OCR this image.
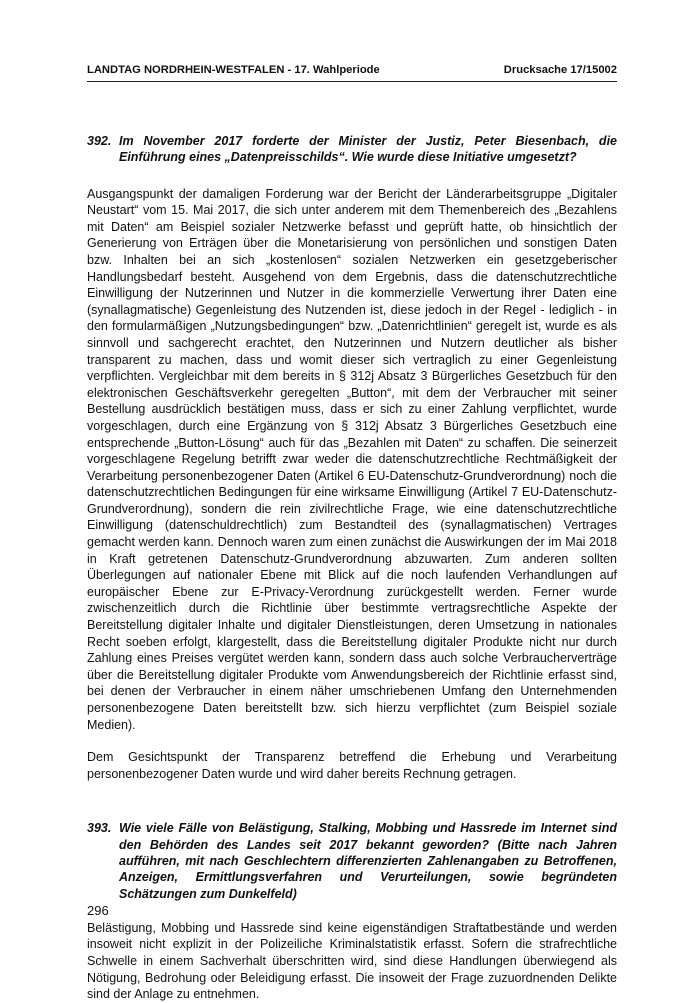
LANDTAG NORDRHEIN-WESTFALEN - 17. Wahlperiode	Drucksache 17/15002
392. Im November 2017 forderte der Minister der Justiz, Peter Biesenbach, die Einführung eines „Datenpreisschilds“. Wie wurde diese Initiative umgesetzt?

Ausgangspunkt der damaligen Forderung war der Bericht der Länderarbeitsgruppe „Digitaler Neustart“ vom 15. Mai 2017, die sich unter anderem mit dem Themenbereich des „Bezahlens mit Daten“ am Beispiel sozialer Netzwerke befasst und geprüft hatte, ob hinsichtlich der Generierung von Erträgen über die Monetarisierung von persönlichen und sonstigen Daten bzw. Inhalten bei an sich „kostenlosen“ sozialen Netzwerken ein gesetzgeberischer Handlungsbedarf besteht. Ausgehend von dem Ergebnis, dass die datenschutzrechtliche Einwilligung der Nutzerinnen und Nutzer in die kommerzielle Verwertung ihrer Daten eine (synallagmatische) Gegenleistung des Nutzenden ist, diese jedoch in der Regel - lediglich - in den formularmäßigen „Nutzungsbedingungen“ bzw. „Datenrichtlinien“ geregelt ist, wurde es als sinnvoll und sachgerecht erachtet, den Nutzerinnen und Nutzern deutlicher als bisher transparent zu machen, dass und womit dieser sich vertraglich zu einer Gegenleistung verpflichten. Vergleichbar mit dem bereits in § 312j Absatz 3 Bürgerliches Gesetzbuch für den elektronischen Geschäftsverkehr geregelten „Button“, mit dem der Verbraucher mit seiner Bestellung ausdrücklich bestätigen muss, dass er sich zu einer Zahlung verpflichtet, wurde vorgeschlagen, durch eine Ergänzung von § 312j Absatz 3 Bürgerliches Gesetzbuch eine entsprechende „Button-Lösung“ auch für das „Bezahlen mit Daten“ zu schaffen. Die seinerzeit vorgeschlagene Regelung betrifft zwar weder die datenschutzrechtliche Rechtmäßigkeit der Verarbeitung personenbezogener Daten (Artikel 6 EU-Datenschutz-Grundverordnung) noch die datenschutzrechtlichen Bedingungen für eine wirksame Einwilligung (Artikel 7 EU-Datenschutz-Grundverordnung), sondern die rein zivilrechtliche Frage, wie eine datenschutzrechtliche Einwilligung (datenschuldrechtlich) zum Bestandteil des (synallagmatischen) Vertrages gemacht werden kann. Dennoch waren zum einen zunächst die Auswirkungen der im Mai 2018 in Kraft getretenen Datenschutz-Grundverordnung abzuwarten. Zum anderen sollten Überlegungen auf nationaler Ebene mit Blick auf die noch laufenden Verhandlungen auf europäischer Ebene zur E-Privacy-Verordnung zurückgestellt werden. Ferner wurde zwischenzeitlich durch die Richtlinie über bestimmte vertragsrechtliche Aspekte der Bereitstellung digitaler Inhalte und digitaler Dienstleistungen, deren Umsetzung in nationales Recht soeben erfolgt, klargestellt, dass die Bereitstellung digitaler Produkte nicht nur durch Zahlung eines Preises vergütet werden kann, sondern dass auch solche Verbraucherverträge über die Bereitstellung digitaler Produkte vom Anwendungsbereich der Richtlinie erfasst sind, bei denen der Verbraucher in einem näher umschriebenen Umfang den Unternehmenden personenbezogene Daten bereitstellt bzw. sich hierzu verpflichtet (zum Beispiel soziale Medien).

Dem Gesichtspunkt der Transparenz betreffend die Erhebung und Verarbeitung personenbezogener Daten wurde und wird daher bereits Rechnung getragen.

393. Wie viele Fälle von Belästigung, Stalking, Mobbing und Hassrede im Internet sind den Behörden des Landes seit 2017 bekannt geworden? (Bitte nach Jahren aufführen, mit nach Geschlechtern differenzierten Zahlenangaben zu Betroffenen, Anzeigen, Ermittlungsverfahren und Verurteilungen, sowie begründeten Schätzungen zum Dunkelfeld)

Belästigung, Mobbing und Hassrede sind keine eigenständigen Straftatbestände und werden insoweit nicht explizit in der Polizeiliche Kriminalstatistik erfasst. Sofern die strafrechtliche Schwelle in einem Sachverhalt überschritten wird, sind diese Handlungen überwiegend als Nötigung, Bedrohung oder Beleidigung erfasst. Die insoweit der Frage zuzuordnenden Delikte sind der Anlage zu entnehmen.

296
